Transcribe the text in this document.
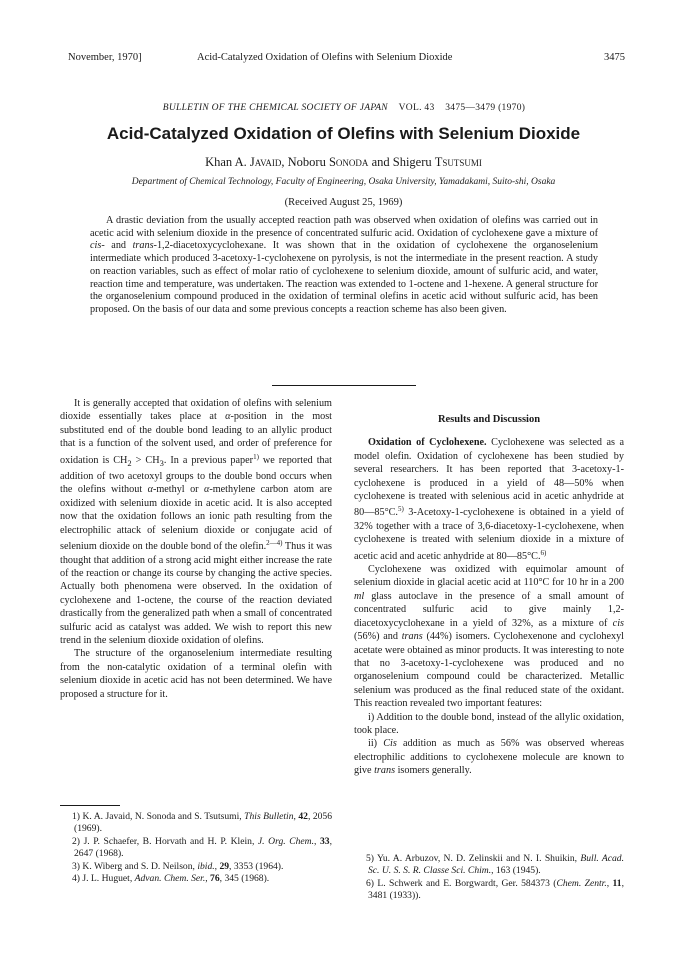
November, 1970]	Acid-Catalyzed Oxidation of Olefins with Selenium Dioxide	3475
BULLETIN OF THE CHEMICAL SOCIETY OF JAPAN VOL. 43 3475—3479 (1970)
Acid-Catalyzed Oxidation of Olefins with Selenium Dioxide
Khan A. Javaid, Noboru Sonoda and Shigeru Tsutsumi
Department of Chemical Technology, Faculty of Engineering, Osaka University, Yamadakami, Suito-shi, Osaka
(Received August 25, 1969)

A drastic deviation from the usually accepted reaction path was observed when oxidation of olefins was carried out in acetic acid with selenium dioxide in the presence of concentrated sulfuric acid. Oxidation of cyclohexene gave a mixture of cis- and trans-1,2-diacetoxycyclohexane. It was shown that in the oxidation of cyclohexene the organoselenium intermediate which produced 3-acetoxy-1-cyclohexene on pyrolysis, is not the intermediate in the present reaction. A study on reaction variables, such as effect of molar ratio of cyclohexene to selenium dioxide, amount of sulfuric acid, and water, reaction time and temperature, was undertaken. The reaction was extended to 1-octene and 1-hexene. A general structure for the organoselenium compound produced in the oxidation of terminal olefins in acetic acid without sulfuric acid, has been proposed. On the basis of our data and some previous concepts a reaction scheme has also been given.

It is generally accepted that oxidation of olefins with selenium dioxide essentially takes place at α-position in the most substituted end of the double bond leading to an allylic product that is a function of the solvent used, and order of preference for oxidation is $CH_2 > CH_3$. In a previous paper$^{1)}$ we reported that addition of two acetoxyl groups to the double bond occurs when the olefins without α-methyl or α-methylene carbon atom are oxidized with selenium dioxide in acetic acid. It is also accepted now that the oxidation follows an ionic path resulting from the electrophilic attack of selenium dioxide or conjugate acid of selenium dioxide on the double bond of the olefin.$^{2—4)}$ Thus it was thought that addition of a strong acid might either increase the rate of the reaction or change its course by changing the active species. Actually both phenomena were observed. In the oxidation of cyclohexene and 1-octene, the course of the reaction deviated drastically from the generalized path when a small of concentrated sulfuric acid as catalyst was added. We wish to report this new trend in the selenium dioxide oxidation of olefins.

The structure of the organoselenium intermediate resulting from the non-catalytic oxidation of a terminal olefin with selenium dioxide in acetic acid has not been determined. We have proposed a structure for it.

Results and Discussion

Oxidation of Cyclohexene. Cyclohexene was selected as a model olefin. Oxidation of cyclohexene has been studied by several researchers. It has been reported that 3-acetoxy-1-cyclohexene is produced in a yield of 48—50% when cyclohexene is treated with selenious acid in acetic anhydride at 80—85°C.$^{5)}$ 3-Acetoxy-1-cyclohexene is obtained in a yield of 32% together with a trace of 3,6-diacetoxy-1-cyclohexene, when cyclohexene is treated with selenium dioxide in a mixture of acetic acid and acetic anhydride at 80—85°C.$^{6)}$

Cyclohexene was oxidized with equimolar amount of selenium dioxide in glacial acetic acid at 110°C for 10 hr in a 200 ml glass autoclave in the presence of a small amount of concentrated sulfuric acid to give mainly 1,2-diacetoxycyclohexane in a yield of 32%, as a mixture of cis (56%) and trans (44%) isomers. Cyclohexenone and cyclohexyl acetate were obtained as minor products. It was interesting to note that no 3-acetoxy-1-cyclohexene was produced and no organoselenium compound could be characterized. Metallic selenium was produced as the final reduced state of the oxidant. This reaction revealed two important features:

i) Addition to the double bond, instead of the allylic oxidation, took place.

ii) Cis addition as much as 56% was observed whereas electrophilic additions to cyclohexene molecule are known to give trans isomers generally.

1) K. A. Javaid, N. Sonoda and S. Tsutsumi, This Bulletin, 42, 2056 (1969).

2) J. P. Schaefer, B. Horvath and H. P. Klein, J. Org. Chem., 33, 2647 (1968).

3) K. Wiberg and S. D. Neilson, ibid., 29, 3353 (1964).

4) J. L. Huguet, Advan. Chem. Ser., 76, 345 (1968).

5) Yu. A. Arbuzov, N. D. Zelinskii and N. I. Shuikin, Bull. Acad. Sc. U. S. S. R. Classe Sci. Chim., 163 (1945).

6) L. Schwerk and E. Borgwardt, Ger. 584373 (Chem. Zentr., 11, 3481 (1933)).
